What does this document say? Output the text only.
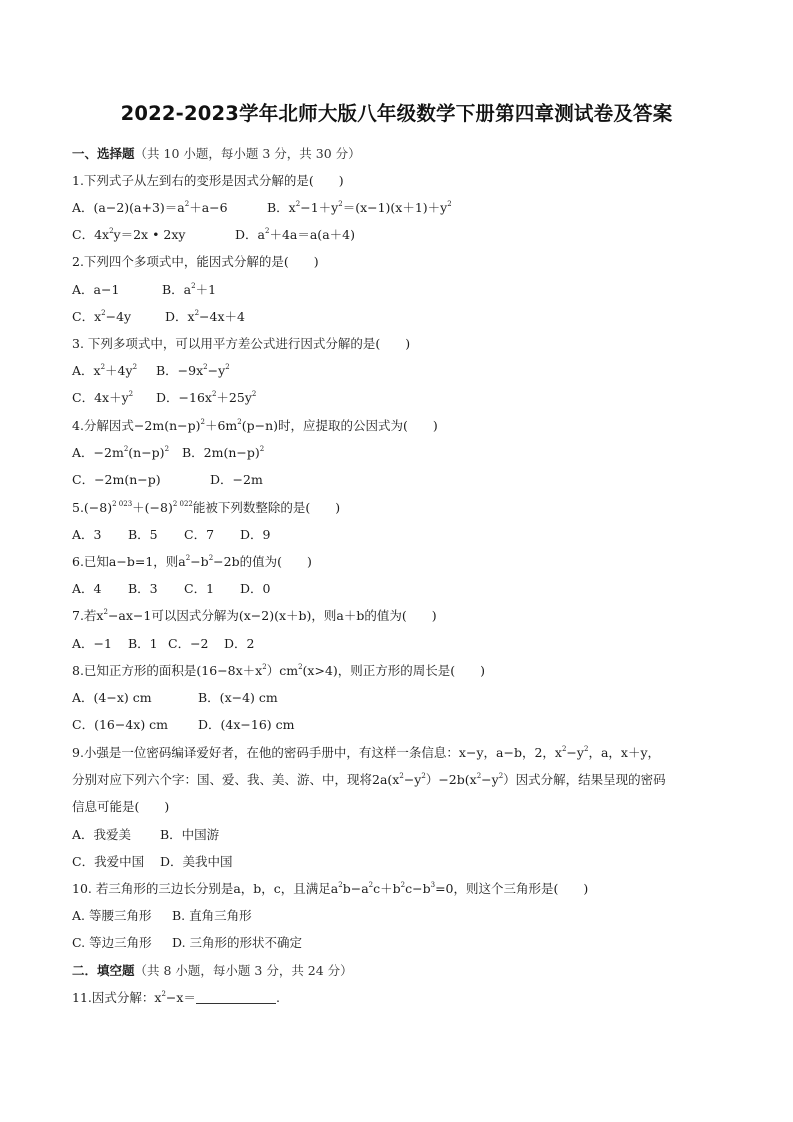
2022-2023学年北师大版八年级数学下册第四章测试卷及答案
一、选择题（共 10 小题，每小题 3 分，共 30 分）
二．填空题（共 8 小题，每小题 3 分，共 24 分）
1.下列式子从左到右的变形是因式分解的是(　　)
A．$(a-2)(a+3)=a^2+a-6$	B．$x^2-1+y^2=(x-1)(x+1)+y^2$
C．$4x^2y=2x$ • 2xy	D．$a^2+4a=a(a+4)$
2.下列四个多项式中，能因式分解的是(　　)
A．a−1	B．$a^2+1$
C．$x^2-4y$	D．$x^2-4x+4$
3. 下列多项式中，可以用平方差公式进行因式分解的是(　　)
A．$x^2+4y^2$ B．$-9x^2-y^2$
C．$4x+y^2$ D．$-16x^2+25y^2$
4.分解因式$-2m(n-p)^2+6m^2(p-n)$时，应提取的公因式为(　　)
A．$-2m^2(n-p)^2$ B．$2m(n-p)^2$
C．−2m(n−p)	D．−2m
$5.(-8)^{2 023}+(-8)^{2 022}$能被下列数整除的是(　　)
A．3 B．5 C．7 D．9
6.已知a−b=1，则$a^2-b^2-2b$的值为(　　)
A．4 B．3 C．1 D．0
7.若$x^2-ax-1$可以因式分解为(x−2)(x＋b)，则a＋b的值为(　　)
A．−1 B．1 C．−2 D．2
8.已知正方形的面积是$(16-8x+x^2)cm^2(x>4)$，则正方形的周长是(　　)
A．(4−x) cm	B．(x−4) cm
C．(16−4x) cm D．(4x−16) cm
9.小强是一位密码编译爱好者，在他的密码手册中，有这样一条信息：x−y，a−b，2，$x^2-y^2$，a，x＋y，
分别对应下列六个字：国、爱、我、美、游、中，现将$2a(x^2-y^2)-2b(x^2-y^2)$因式分解，结果呈现的密码
信息可能是(　　)
A．我爱美 B．中国游
C．我爱中国 D．美我中国
10. 若三角形的三边长分别是a，b，c，且满足$a^2b-a^2c+b^2c-b^3=0$，则这个三角形是(　　)
A. 等腰三角形 B. 直角三角形
C. 等边三角形 D. 三角形的形状不确定
11.因式分解：$x^2-x=$	.
